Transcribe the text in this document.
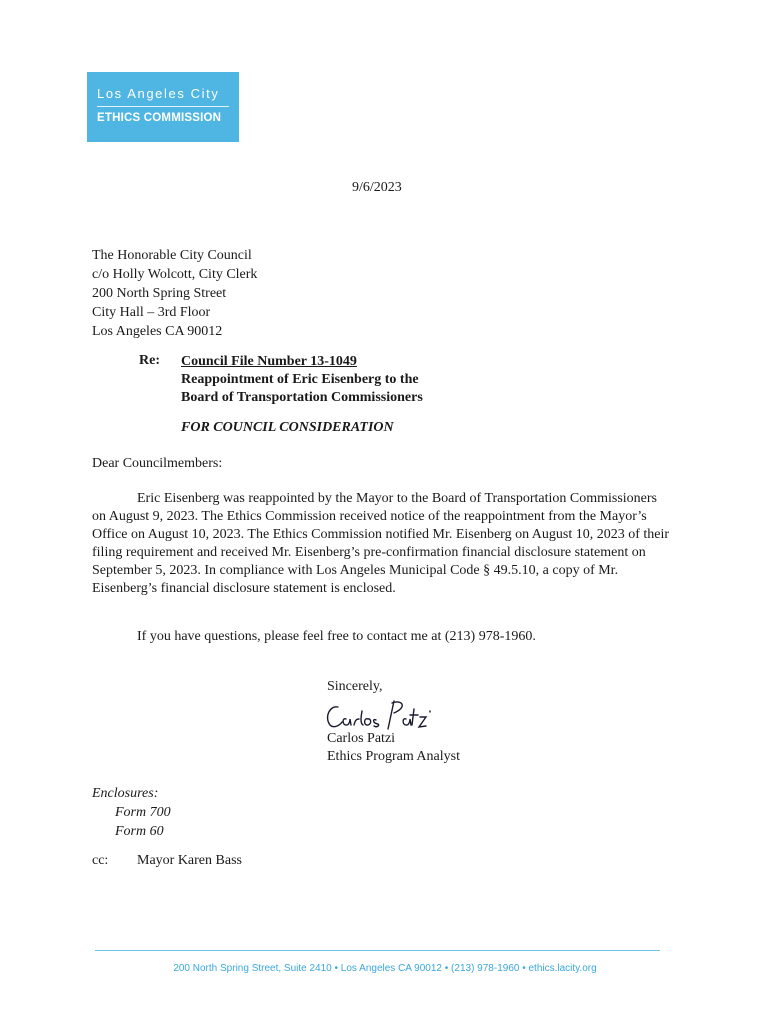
Los Angeles City
ETHICS COMMISSION
9/6/2023
The Honorable City Council
c/o Holly Wolcott, City Clerk
200 North Spring Street
City Hall – 3rd Floor
Los Angeles CA 90012
Re: Council File Number 13-1049
Reappointment of Eric Eisenberg to the
Board of Transportation Commissioners
FOR COUNCIL CONSIDERATION
Dear Councilmembers:

Eric Eisenberg was reappointed by the Mayor to the Board of Transportation Commissioners on August 9, 2023. The Ethics Commission received notice of the reappointment from the Mayor’s Office on August 10, 2023. The Ethics Commission notified Mr. Eisenberg on August 10, 2023 of their filing requirement and received Mr. Eisenberg’s pre-confirmation financial disclosure statement on September 5, 2023. In compliance with Los Angeles Municipal Code § 49.5.10, a copy of Mr. Eisenberg’s financial disclosure statement is enclosed.

If you have questions, please feel free to contact me at (213) 978-1960.
Sincerely,
Carlos Patzi
Ethics Program Analyst
Enclosures:
Form 700
Form 60
cc: Mayor Karen Bass
200 North Spring Street, Suite 2410 • Los Angeles CA 90012 • (213) 978-1960 • ethics.lacity.org
